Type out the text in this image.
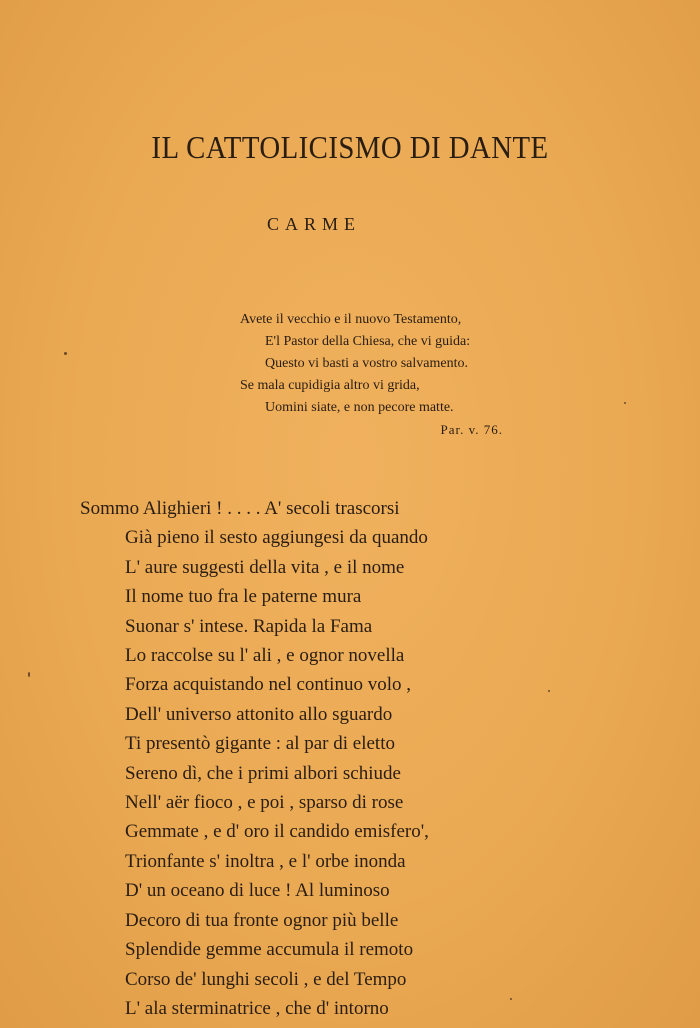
IL CATTOLICISMO DI DANTE
CARME
Avete il vecchio e il nuovo Testamento,
E'l Pastor della Chiesa, che vi guida:
Questo vi basti a vostro salvamento.
Se mala cupidigia altro vi grida,
Uomini siate, e non pecore matte.
Par. v. 76.
Sommo Alighieri ! . . . . A' secoli trascorsi
Già pieno il sesto aggiungesi da quando
L' aure suggesti della vita , e il nome
Il nome tuo fra le paterne mura
Suonar s' intese. Rapida la Fama
Lo raccolse su l' ali , e ognor novella
Forza acquistando nel continuo volo ,
Dell' universo attonito allo sguardo
Ti presentò gigante : al par di eletto
Sereno dì, che i primi albori schiude
Nell' aër fioco , e poi , sparso di rose
Gemmate , e d' oro il candido emisfero',
Trionfante s' inoltra , e l' orbe inonda
D' un oceano di luce ! Al luminoso
Decoro di tua fronte ognor più belle
Splendide gemme accumula il remoto
Corso de' lunghi secoli , e del Tempo
L' ala sterminatrice , che d' intorno
